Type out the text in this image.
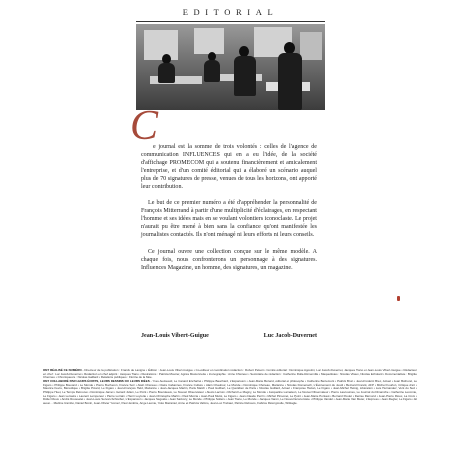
EDITORIAL
C

e journal est la somme de trois volontés : celles de l'agence de communication INFLUENCES qui en a eu l'idée, de la société d'affichage PROMECOM qui a soutenu financièrement et amicalement l'entreprise, et d'un comité éditorial qui a élaboré un scénario auquel plus de 70 signatures de presse, venues de tous les horizons, ont apporté leur contribution.

Le but de ce premier numéro a été d'appréhender la personnalité de François Mitterrand à partir d'une multiplicité d'éclairages, en respectant l'homme et ses idées mais en se voulant volontiers iconoclaste. Le projet n'aurait pu être mené à bien sans la confiance qu'ont manifestée les journalistes contactés. Ils n'ont ménagé ni leurs efforts ni leurs conseils.

Ce journal ouvre une collection conçue sur le même modèle. A chaque fois, nous confronterons un personnage à des signatures. Influences Magazine, un homme, des signatures, un magazine.

Jean-Louis Vibert-Guigue	Luc Jacob-Duvernet

ONT RÉALISÉ CE NUMÉRO - Directeur de la publication : Franck de Lavigne • Édition : Jean-Louis Vibert-Guigue • Co-éditeur et coordination rédaction : Robert Pelsoit • Comité éditorial : Dominique Agostini, Luc Jacob-Duvernet, Jacques Tiano et Jean-Louis Vibert-Guigue • Rédacteur en chef : Luc Jacob-Duvernet • Rédaction en chef adjoint : Jacques Tiano • Illustrations : Patricia Mourier, Agnès Mustonnette • Iconographie : Anne Chiéreux • Secrétaire de rédaction : Catherine Rolle-Rémerville • Maquettistes : Nicolas Vitaux, Nicolas Echolard • Documentaliste : Brigitte Chenneu • Chroniqueurs : Nicolas Gaillard • Relations publiques : Florine de la Mée.

ONT COLLABORÉ PAR LEURS ÉCRITS, LEURS DESSINS OU LEURS IDÉES - Yves Audouard, Le Canard Enchaîné • Philippe Bauchard, L'Expansion • Jean-Marie Bénard, éditorial et philosophe • Catherine Bertemont • Patrick Brun • Jean-Fréderic Brec, Actuel • Jean Bothorel, Le Figaro • Philippe Bouvard • Le Monde • Pierre Bucheron, France Soir • Alain Chéreau • Claire Cabannes, France Culture • Alain Chaufour, Le Monde • Dominique Chéreau, Marianne • Nicolas Domenach, L'Événement du Jeudi • Bernard Franck, AFP • Michel Fourlon, Critique d'art • Maurice Fevre, Bénédique • Brigitte Picard, Le Figaro • Jean-François Held, Marianne • Jean-Jacques Martin, Paris Match • Paul Guilbert, Le Quotidien de Paris • Nicolas Guillard, Actuel • Françoise Hazan, Le Figaro • Jean-Michel Helvig, Libération • Luis Hernandez, Vent du Sud • Philippe Huet, Le Temps Retrouvé • Dominique Jamet • Gérard Julien, Le Point • Pierre Bourdeaux, Le Nouvel Observateur • Alexis Lacroix • Richard Le Magny, Le Monde • Jacqueline Lamaison, Le Nouvel Observateur • Pierre Lascoumes, Le Journal du Dimanche • Catherine Lecomte, Le Figaro • Jean Lemaire • Laurent Lempereur • Pierre Lorrain • Henri Loyrette • Jean-Christophe Martin • Paul Murcia • Jean-Paul Mulot, Le Figaro • Jean-Claude Perrin • Michel Pinsonet, Le Point • Jean-Marie Pontaut • Bernard Poulet • Denise Rémond • Jean-Pierre Rioux, La Croix • Didier Rioux • André Rousselet • Jean-Louis Servan-Schreiber, L'Expansion • Jacques Séguéla • Jean Sarkozy, Le Monde • Philippe Sollers • Jean Tiano, Le Monde • Jacques Varon, Le Nouvel Économiste • Philippe Vandel • Jean-Marie Van Meter, L'Express • Jean Ziegler, Le Figaro • Et aussi… Martine Izambé, Daniel Bonin, Jean-Olivier Yvonez, Paul Jenkins, Ange Léonie, Yoko Mazaniel, Anne et Patricia Valmio, Jean-Luc Trebaut, Patrice Rebours, Fabrice Rétorgroslle, Wittiagle.
